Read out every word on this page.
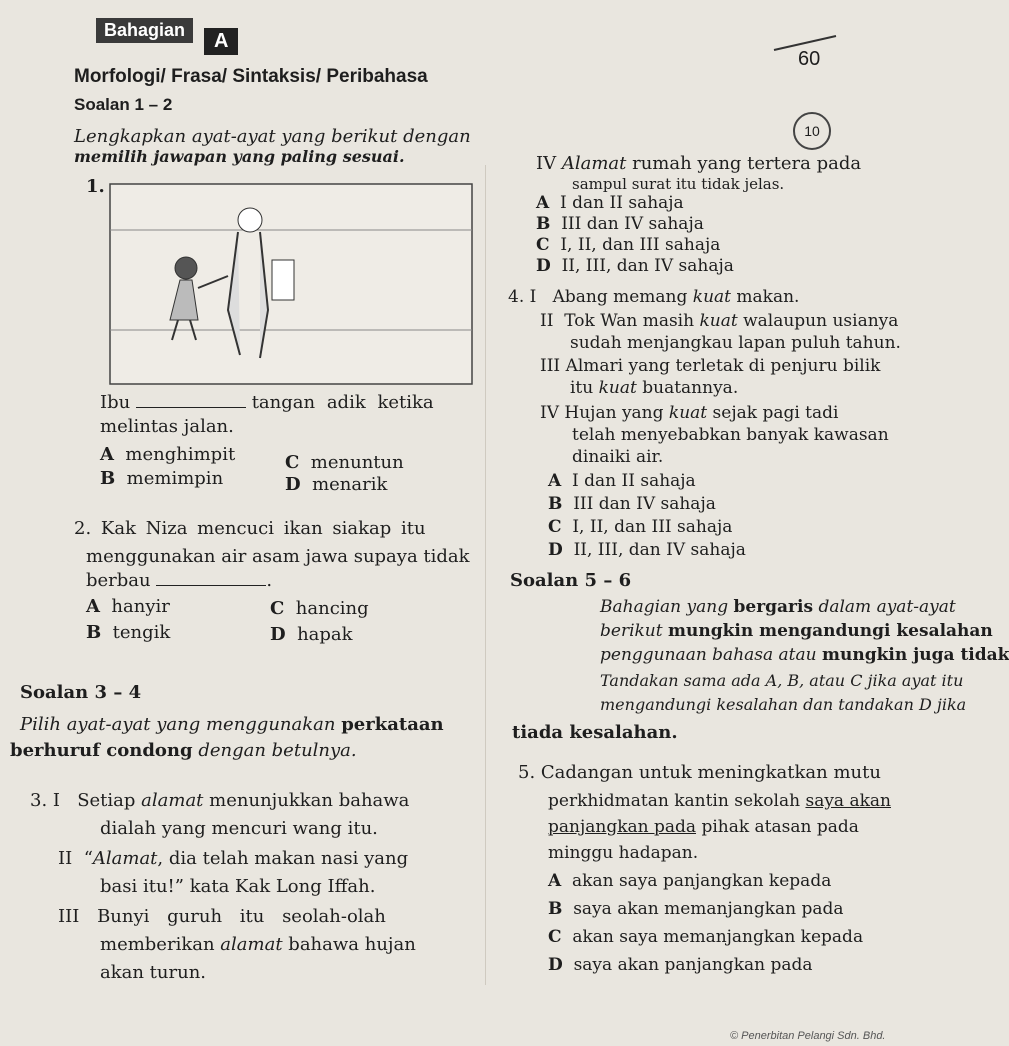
Bahagian	A
60
Morfologi/ Frasa/ Sintaksis/ Peribahasa
Soalan 1 – 2
Lengkapkan ayat-ayat yang berikut dengan
memilih jawapan yang paling sesuai.
10
1.
Ibu	tangan adik ketika
melintas jalan.
A menghimpit
B memimpin
C menuntun
D menarik
2. Kak Niza mencuci ikan siakap itu
menggunakan air asam jawa supaya tidak
berbau	.
A hanyir
B tengik
C hancing
D hapak
Soalan 3 – 4
Pilih ayat-ayat yang menggunakan perkataan
berhuruf condong dengan betulnya.
3. I Setiap alamat menunjukkan bahawa
dialah yang mencuri wang itu.
II “Alamat, dia telah makan nasi yang
basi itu!” kata Kak Long Iffah.
III Bunyi guruh itu seolah-olah
memberikan alamat bahawa hujan
akan turun.
IV Alamat rumah yang tertera pada
sampul surat itu tidak jelas.
A I dan II sahaja
B III dan IV sahaja
C I, II, dan III sahaja
D II, III, dan IV sahaja
4. I Abang memang kuat makan.
II Tok Wan masih kuat walaupun usianya
sudah menjangkau lapan puluh tahun.
III Almari yang terletak di penjuru bilik
itu kuat buatannya.
IV Hujan yang kuat sejak pagi tadi
telah menyebabkan banyak kawasan
dinaiki air.
A I dan II sahaja
B III dan IV sahaja
C I, II, dan III sahaja
D II, III, dan IV sahaja
Soalan 5 – 6
Bahagian yang bergaris dalam ayat-ayat
berikut mungkin mengandungi kesalahan
penggunaan bahasa atau mungkin juga tidak
Tandakan sama ada A, B, atau C jika ayat itu
mengandungi kesalahan dan tandakan D jika
tiada kesalahan.
5. Cadangan untuk meningkatkan mutu
perkhidmatan kantin sekolah saya akan
panjangkan pada pihak atasan pada
minggu hadapan.
A akan saya panjangkan kepada
B saya akan memanjangkan pada
C akan saya memanjangkan kepada
D saya akan panjangkan pada
© Penerbitan Pelangi Sdn. Bhd.
